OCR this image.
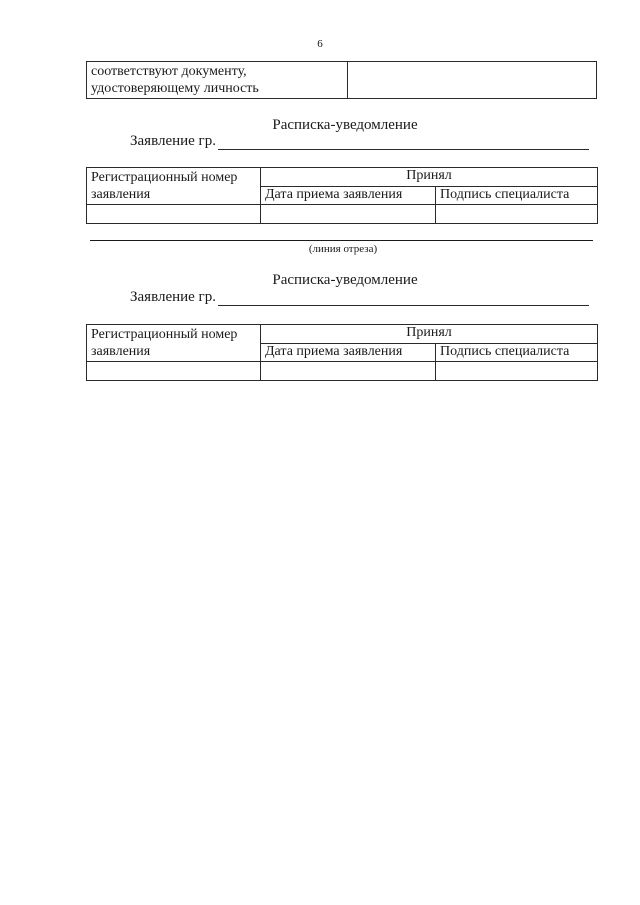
6
соответствуют документу, удостоверяющему личность	
Расписка-уведомление
Заявление гр.
Регистрационный номер заявления	Принял	
	Дата приема заявления	Подпись специалиста

(линия отреза)
Расписка-уведомление
Заявление гр.
Регистрационный номер заявления	Принял	
	Дата приема заявления	Подпись специалиста
